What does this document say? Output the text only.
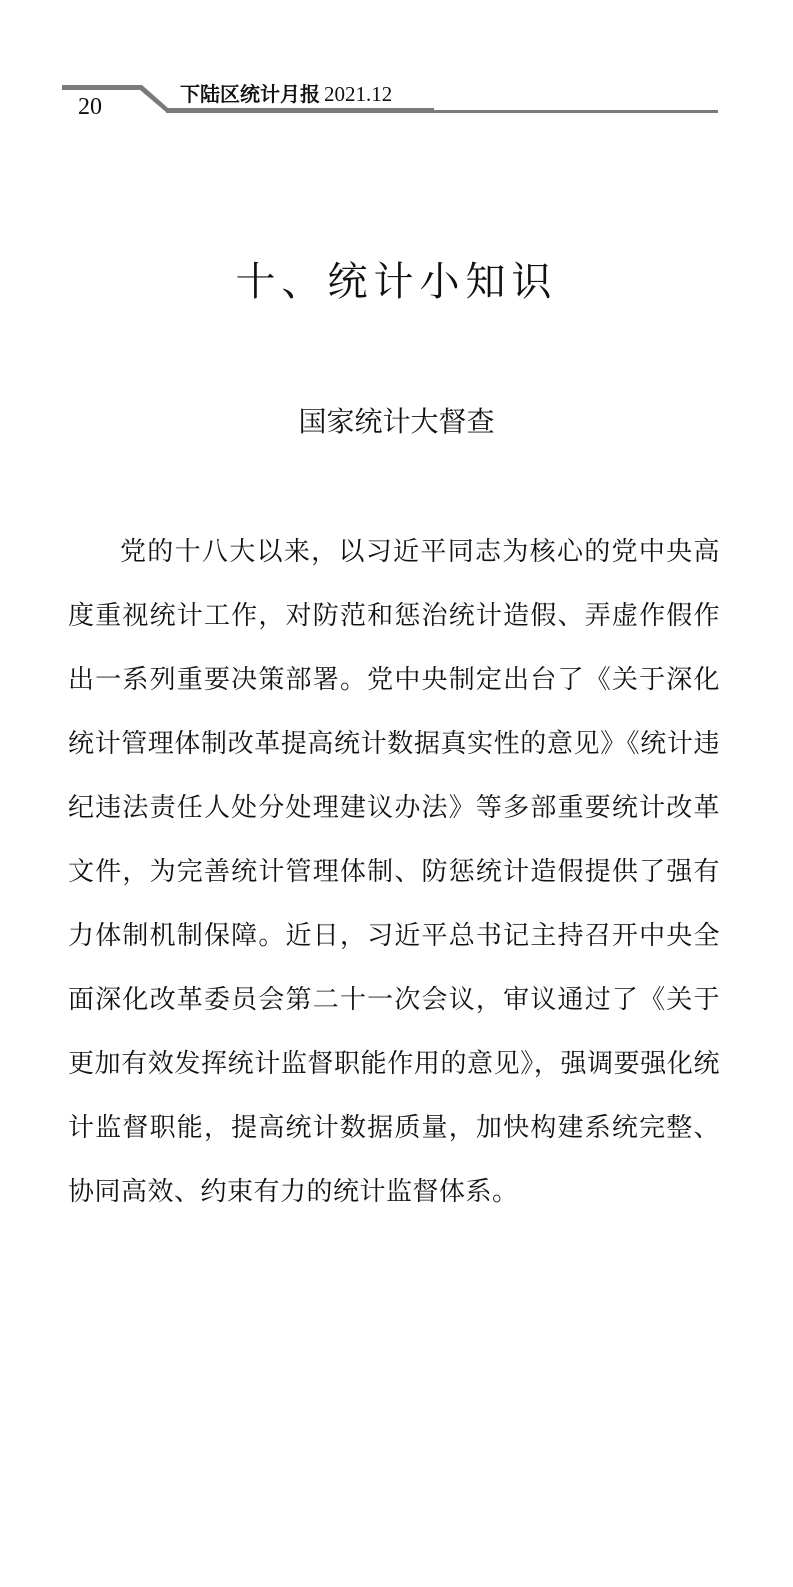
20	下陆区统计月报 2021.12
十、统计小知识
国家统计大督查

党的十八大以来，以习近平同志为核心的党中央高度重视统计工作，对防范和惩治统计造假、弄虚作假作出一系列重要决策部署。党中央制定出台了《关于深化统计管理体制改革提高统计数据真实性的意见》《统计违纪违法责任人处分处理建议办法》等多部重要统计改革文件，为完善统计管理体制、防惩统计造假提供了强有力体制机制保障。近日，习近平总书记主持召开中央全面深化改革委员会第二十一次会议，审议通过了《关于更加有效发挥统计监督职能作用的意见》，强调要强化统计监督职能，提高统计数据质量，加快构建系统完整、协同高效、约束有力的统计监督体系。
